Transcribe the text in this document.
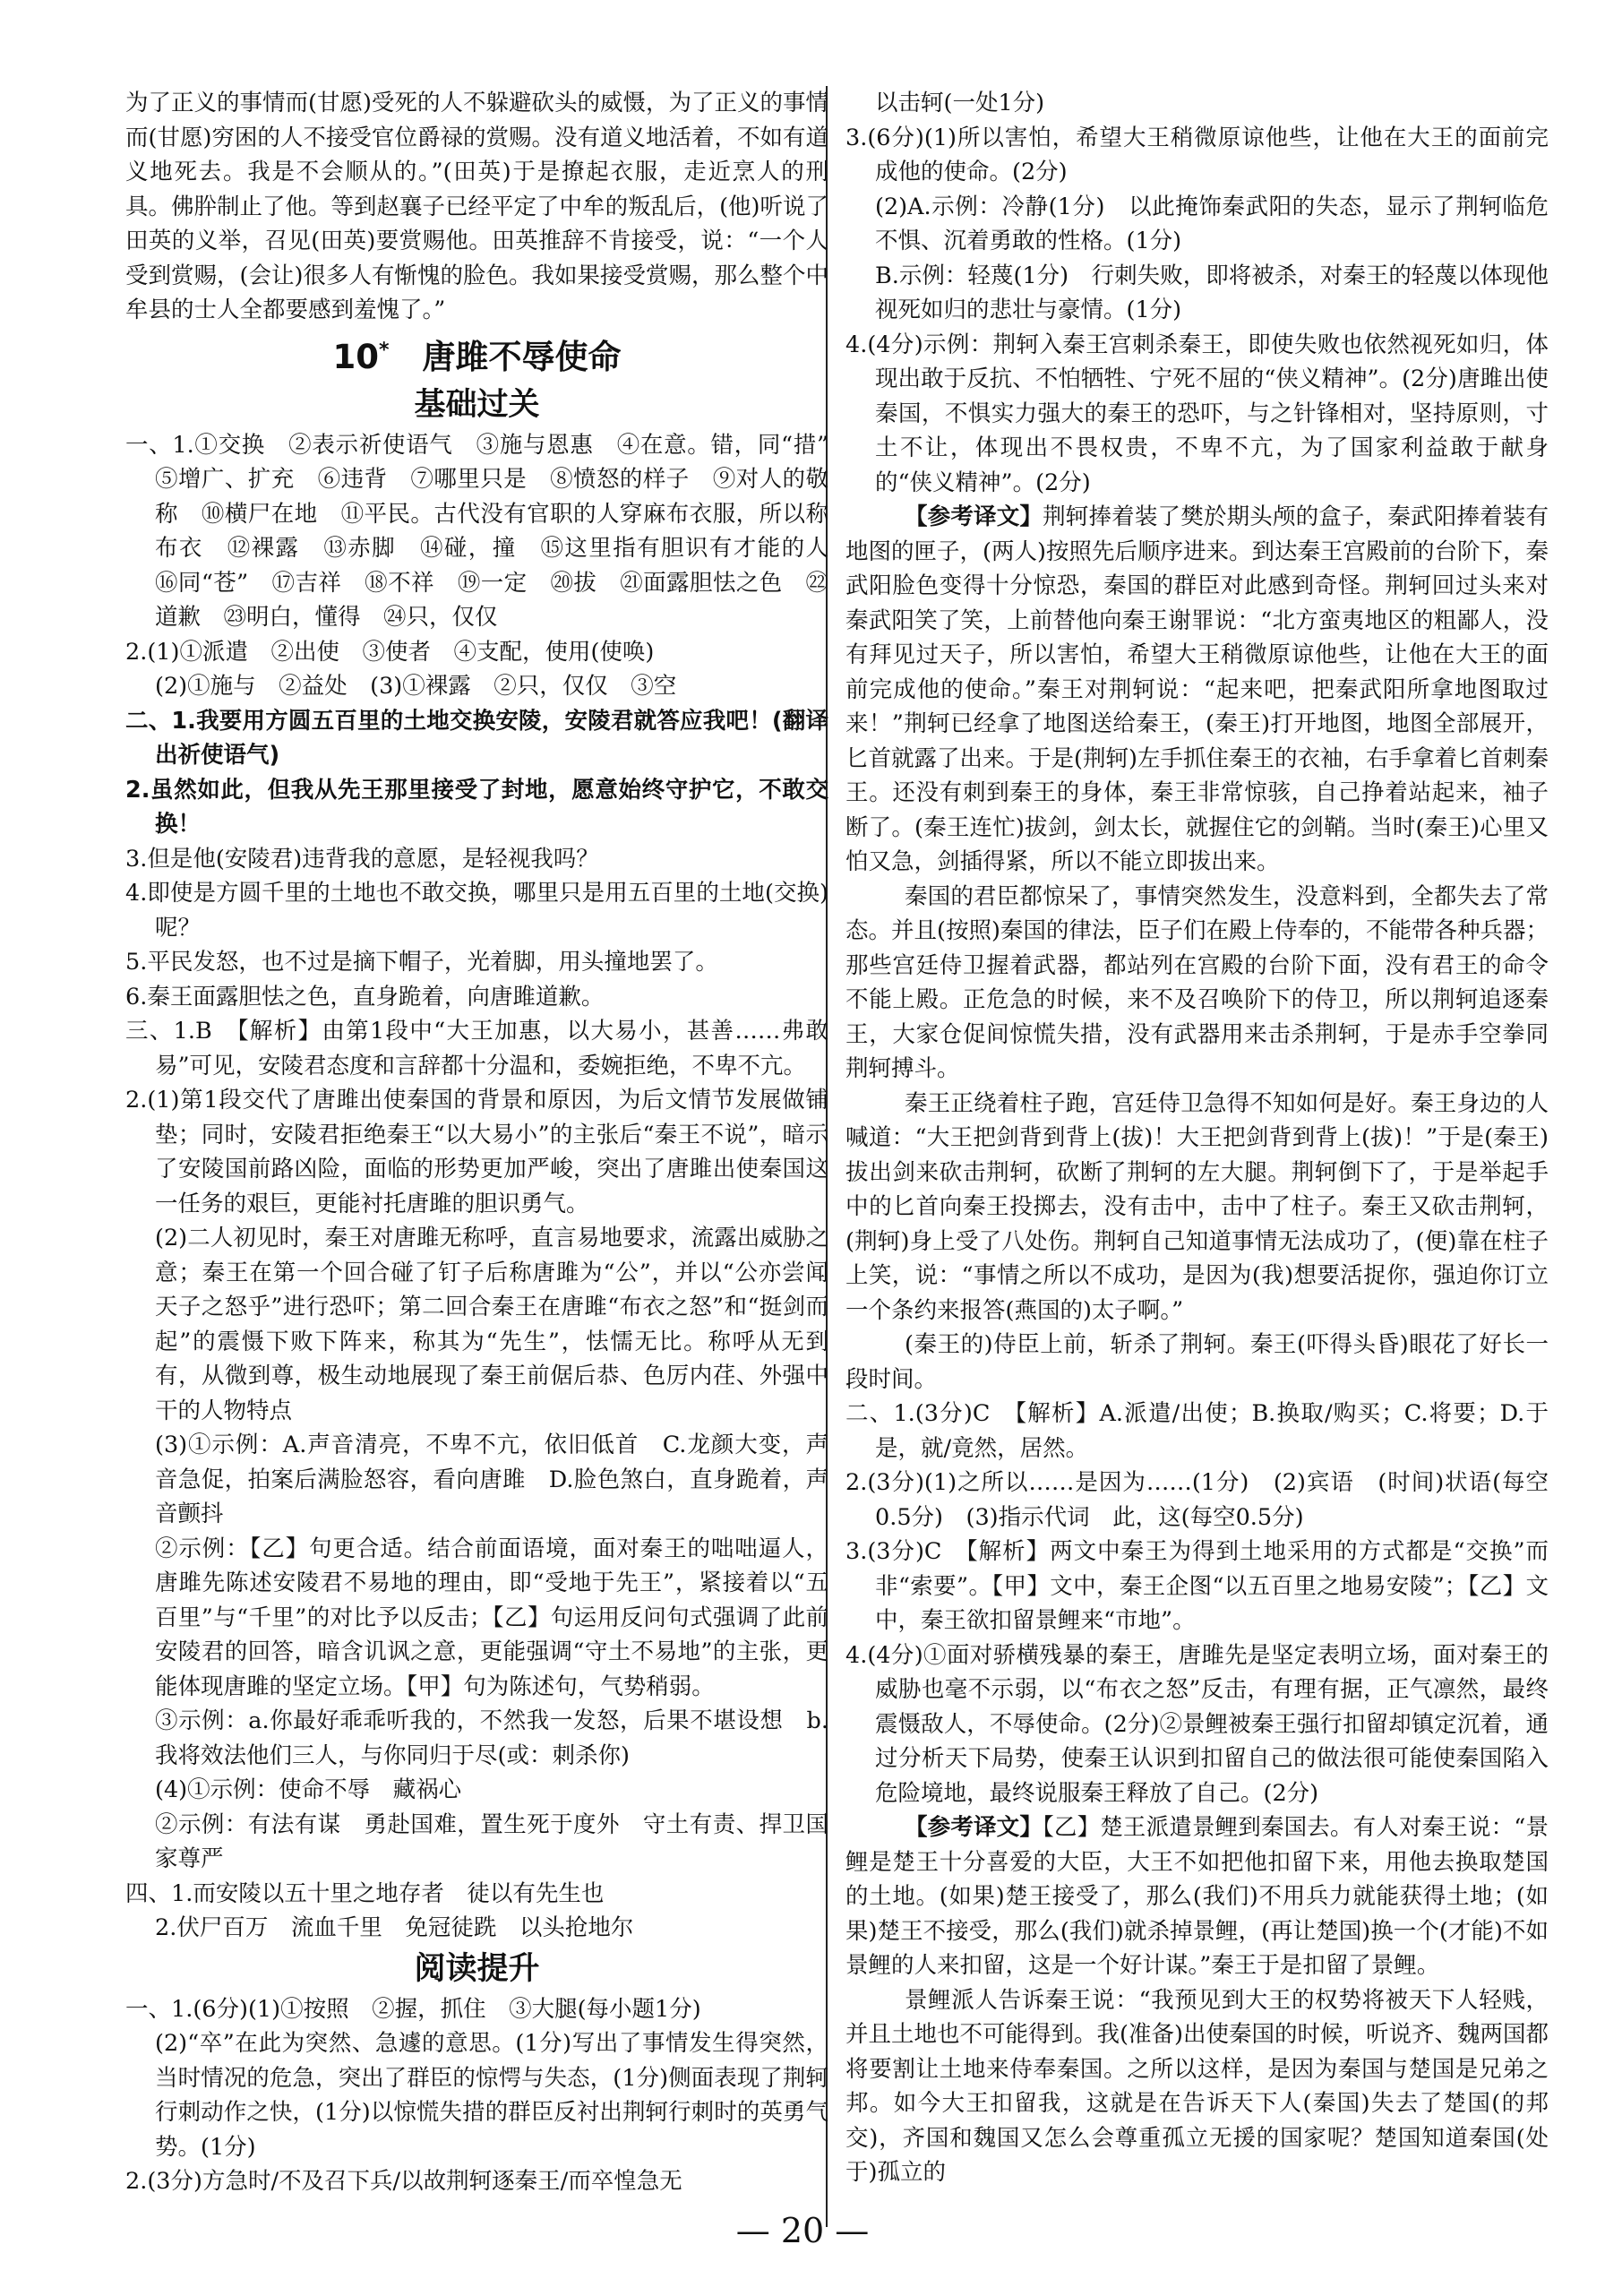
为了正义的事情而(甘愿)受死的人不躲避砍头的威慑，为了正义的事情而(甘愿)穷困的人不接受官位爵禄的赏赐。没有道义地活着，不如有道义地死去。我是不会顺从的。”(田英)于是撩起衣服，走近烹人的刑具。佛肸制止了他。等到赵襄子已经平定了中牟的叛乱后，(他)听说了田英的义举，召见(田英)要赏赐他。田英推辞不肯接受，说：“一个人受到赏赐，(会让)很多人有惭愧的脸色。我如果接受赏赐，那么整个中牟县的士人全都要感到羞愧了。”

10*　 唐雎不辱使命
基础过关

一、1.①交换　②表示祈使语气　③施与恩惠　④在意。错，同“措”　⑤增广、扩充　⑥违背　⑦哪里只是　⑧愤怒的样子　⑨对人的敬称　⑩横尸在地　⑪平民。古代没有官职的人穿麻布衣服，所以称布衣　⑫裸露　⑬赤脚　⑭碰，撞　⑮这里指有胆识有才能的人　⑯同“苍”　⑰吉祥　⑱不祥　⑲一定　⑳拔　㉑面露胆怯之色　㉒道歉　㉓明白，懂得　㉔只，仅仅

2.(1)①派遣　②出使　③使者　④支配，使用(使唤)

(2)①施与　②益处　(3)①裸露　②只，仅仅　③空

二、1.我要用方圆五百里的土地交换安陵，安陵君就答应我吧！(翻译出祈使语气)

2.虽然如此，但我从先王那里接受了封地，愿意始终守护它，不敢交换！

3.但是他(安陵君)违背我的意愿，是轻视我吗？

4.即使是方圆千里的土地也不敢交换，哪里只是用五百里的土地(交换)呢？

5.平民发怒，也不过是摘下帽子，光着脚，用头撞地罢了。

6.秦王面露胆怯之色，直身跪着，向唐雎道歉。

三、1.B　【解析】由第1段中“大王加惠，以大易小，甚善……弗敢易”可见，安陵君态度和言辞都十分温和，委婉拒绝，不卑不亢。

2.(1)第1段交代了唐雎出使秦国的背景和原因，为后文情节发展做铺垫；同时，安陵君拒绝秦王“以大易小”的主张后“秦王不说”，暗示了安陵国前路凶险，面临的形势更加严峻，突出了唐雎出使秦国这一任务的艰巨，更能衬托唐雎的胆识勇气。

(2)二人初见时，秦王对唐雎无称呼，直言易地要求，流露出威胁之意；秦王在第一个回合碰了钉子后称唐雎为“公”，并以“公亦尝闻天子之怒乎”进行恐吓；第二回合秦王在唐雎“布衣之怒”和“挺剑而起”的震慑下败下阵来，称其为“先生”，怯懦无比。称呼从无到有，从微到尊，极生动地展现了秦王前倨后恭、色厉内荏、外强中干的人物特点

(3)①示例：A.声音清亮，不卑不亢，依旧低首　C.龙颜大变，声音急促，拍案后满脸怒容，看向唐雎　D.脸色煞白，直身跪着，声音颤抖

②示例：【乙】句更合适。结合前面语境，面对秦王的咄咄逼人，唐雎先陈述安陵君不易地的理由，即“受地于先王”，紧接着以“五百里”与“千里”的对比予以反击；【乙】句运用反问句式强调了此前安陵君的回答，暗含讥讽之意，更能强调“守土不易地”的主张，更能体现唐雎的坚定立场。【甲】句为陈述句，气势稍弱。

③示例：a.你最好乖乖听我的，不然我一发怒，后果不堪设想　b.我将效法他们三人，与你同归于尽(或：刺杀你)

(4)①示例：使命不辱　藏祸心

②示例：有法有谋　勇赴国难，置生死于度外　守土有责、捍卫国家尊严

四、1.而安陵以五十里之地存者　徒以有先生也

2.伏尸百万　流血千里　免冠徒跣　以头抢地尔

阅读提升

一、1.(6分)(1)①按照　②握，抓住　③大腿(每小题1分)

(2)“卒”在此为突然、急遽的意思。(1分)写出了事情发生得突然，当时情况的危急，突出了群臣的惊愕与失态，(1分)侧面表现了荆轲行刺动作之快，(1分)以惊慌失措的群臣反衬出荆轲行刺时的英勇气势。(1分)

2.(3分)方急时/不及召下兵/以故荆轲逐秦王/而卒惶急无

以击轲(一处1分)

3.(6分)(1)所以害怕，希望大王稍微原谅他些，让他在大王的面前完成他的使命。(2分)

(2)A.示例：冷静(1分)　以此掩饰秦武阳的失态，显示了荆轲临危不惧、沉着勇敢的性格。(1分)

B.示例：轻蔑(1分)　行刺失败，即将被杀，对秦王的轻蔑以体现他视死如归的悲壮与豪情。(1分)

4.(4分)示例：荆轲入秦王宫刺杀秦王，即使失败也依然视死如归，体现出敢于反抗、不怕牺牲、宁死不屈的“侠义精神”。(2分)唐雎出使秦国，不惧实力强大的秦王的恐吓，与之针锋相对，坚持原则，寸土不让，体现出不畏权贵，不卑不亢，为了国家利益敢于献身的“侠义精神”。(2分)

【参考译文】荆轲捧着装了樊於期头颅的盒子，秦武阳捧着装有地图的匣子，(两人)按照先后顺序进来。到达秦王宫殿前的台阶下，秦武阳脸色变得十分惊恐，秦国的群臣对此感到奇怪。荆轲回过头来对秦武阳笑了笑，上前替他向秦王谢罪说：“北方蛮夷地区的粗鄙人，没有拜见过天子，所以害怕，希望大王稍微原谅他些，让他在大王的面前完成他的使命。”秦王对荆轲说：“起来吧，把秦武阳所拿地图取过来！”荆轲已经拿了地图送给秦王，(秦王)打开地图，地图全部展开，匕首就露了出来。于是(荆轲)左手抓住秦王的衣袖，右手拿着匕首刺秦王。还没有刺到秦王的身体，秦王非常惊骇，自己挣着站起来，袖子断了。(秦王连忙)拔剑，剑太长，就握住它的剑鞘。当时(秦王)心里又怕又急，剑插得紧，所以不能立即拔出来。

秦国的君臣都惊呆了，事情突然发生，没意料到，全都失去了常态。并且(按照)秦国的律法，臣子们在殿上侍奉的，不能带各种兵器；那些宫廷侍卫握着武器，都站列在宫殿的台阶下面，没有君王的命令不能上殿。正危急的时候，来不及召唤阶下的侍卫，所以荆轲追逐秦王，大家仓促间惊慌失措，没有武器用来击杀荆轲，于是赤手空拳同荆轲搏斗。

秦王正绕着柱子跑，宫廷侍卫急得不知如何是好。秦王身边的人喊道：“大王把剑背到背上(拔)！大王把剑背到背上(拔)！”于是(秦王)拔出剑来砍击荆轲，砍断了荆轲的左大腿。荆轲倒下了，于是举起手中的匕首向秦王投掷去，没有击中，击中了柱子。秦王又砍击荆轲，(荆轲)身上受了八处伤。荆轲自己知道事情无法成功了，(便)靠在柱子上笑，说：“事情之所以不成功，是因为(我)想要活捉你，强迫你订立一个条约来报答(燕国的)太子啊。”

(秦王的)侍臣上前，斩杀了荆轲。秦王(吓得头昏)眼花了好长一段时间。

二、1.(3分)C　【解析】A.派遣/出使；B.换取/购买；C.将要；D.于是，就/竟然，居然。

2.(3分)(1)之所以……是因为……(1分)　(2)宾语　(时间)状语(每空0.5分)　(3)指示代词　此，这(每空0.5分)

3.(3分)C　【解析】两文中秦王为得到土地采用的方式都是“交换”而非“索要”。【甲】文中，秦王企图“以五百里之地易安陵”；【乙】文中，秦王欲扣留景鲤来“市地”。

4.(4分)①面对骄横残暴的秦王，唐雎先是坚定表明立场，面对秦王的威胁也毫不示弱，以“布衣之怒”反击，有理有据，正气凛然，最终震慑敌人，不辱使命。(2分)②景鲤被秦王强行扣留却镇定沉着，通过分析天下局势，使秦王认识到扣留自己的做法很可能使秦国陷入危险境地，最终说服秦王释放了自己。(2分)

【参考译文】【乙】楚王派遣景鲤到秦国去。有人对秦王说：“景鲤是楚王十分喜爱的大臣，大王不如把他扣留下来，用他去换取楚国的土地。(如果)楚王接受了，那么(我们)不用兵力就能获得土地；(如果)楚王不接受，那么(我们)就杀掉景鲤，(再让楚国)换一个(才能)不如景鲤的人来扣留，这是一个好计谋。”秦王于是扣留了景鲤。

景鲤派人告诉秦王说：“我预见到大王的权势将被天下人轻贱，并且土地也不可能得到。我(准备)出使秦国的时候，听说齐、魏两国都将要割让土地来侍奉秦国。之所以这样，是因为秦国与楚国是兄弟之邦。如今大王扣留我，这就是在告诉天下人(秦国)失去了楚国(的邦交)，齐国和魏国又怎么会尊重孤立无援的国家呢？楚国知道秦国(处于)孤立的

— 20 —
